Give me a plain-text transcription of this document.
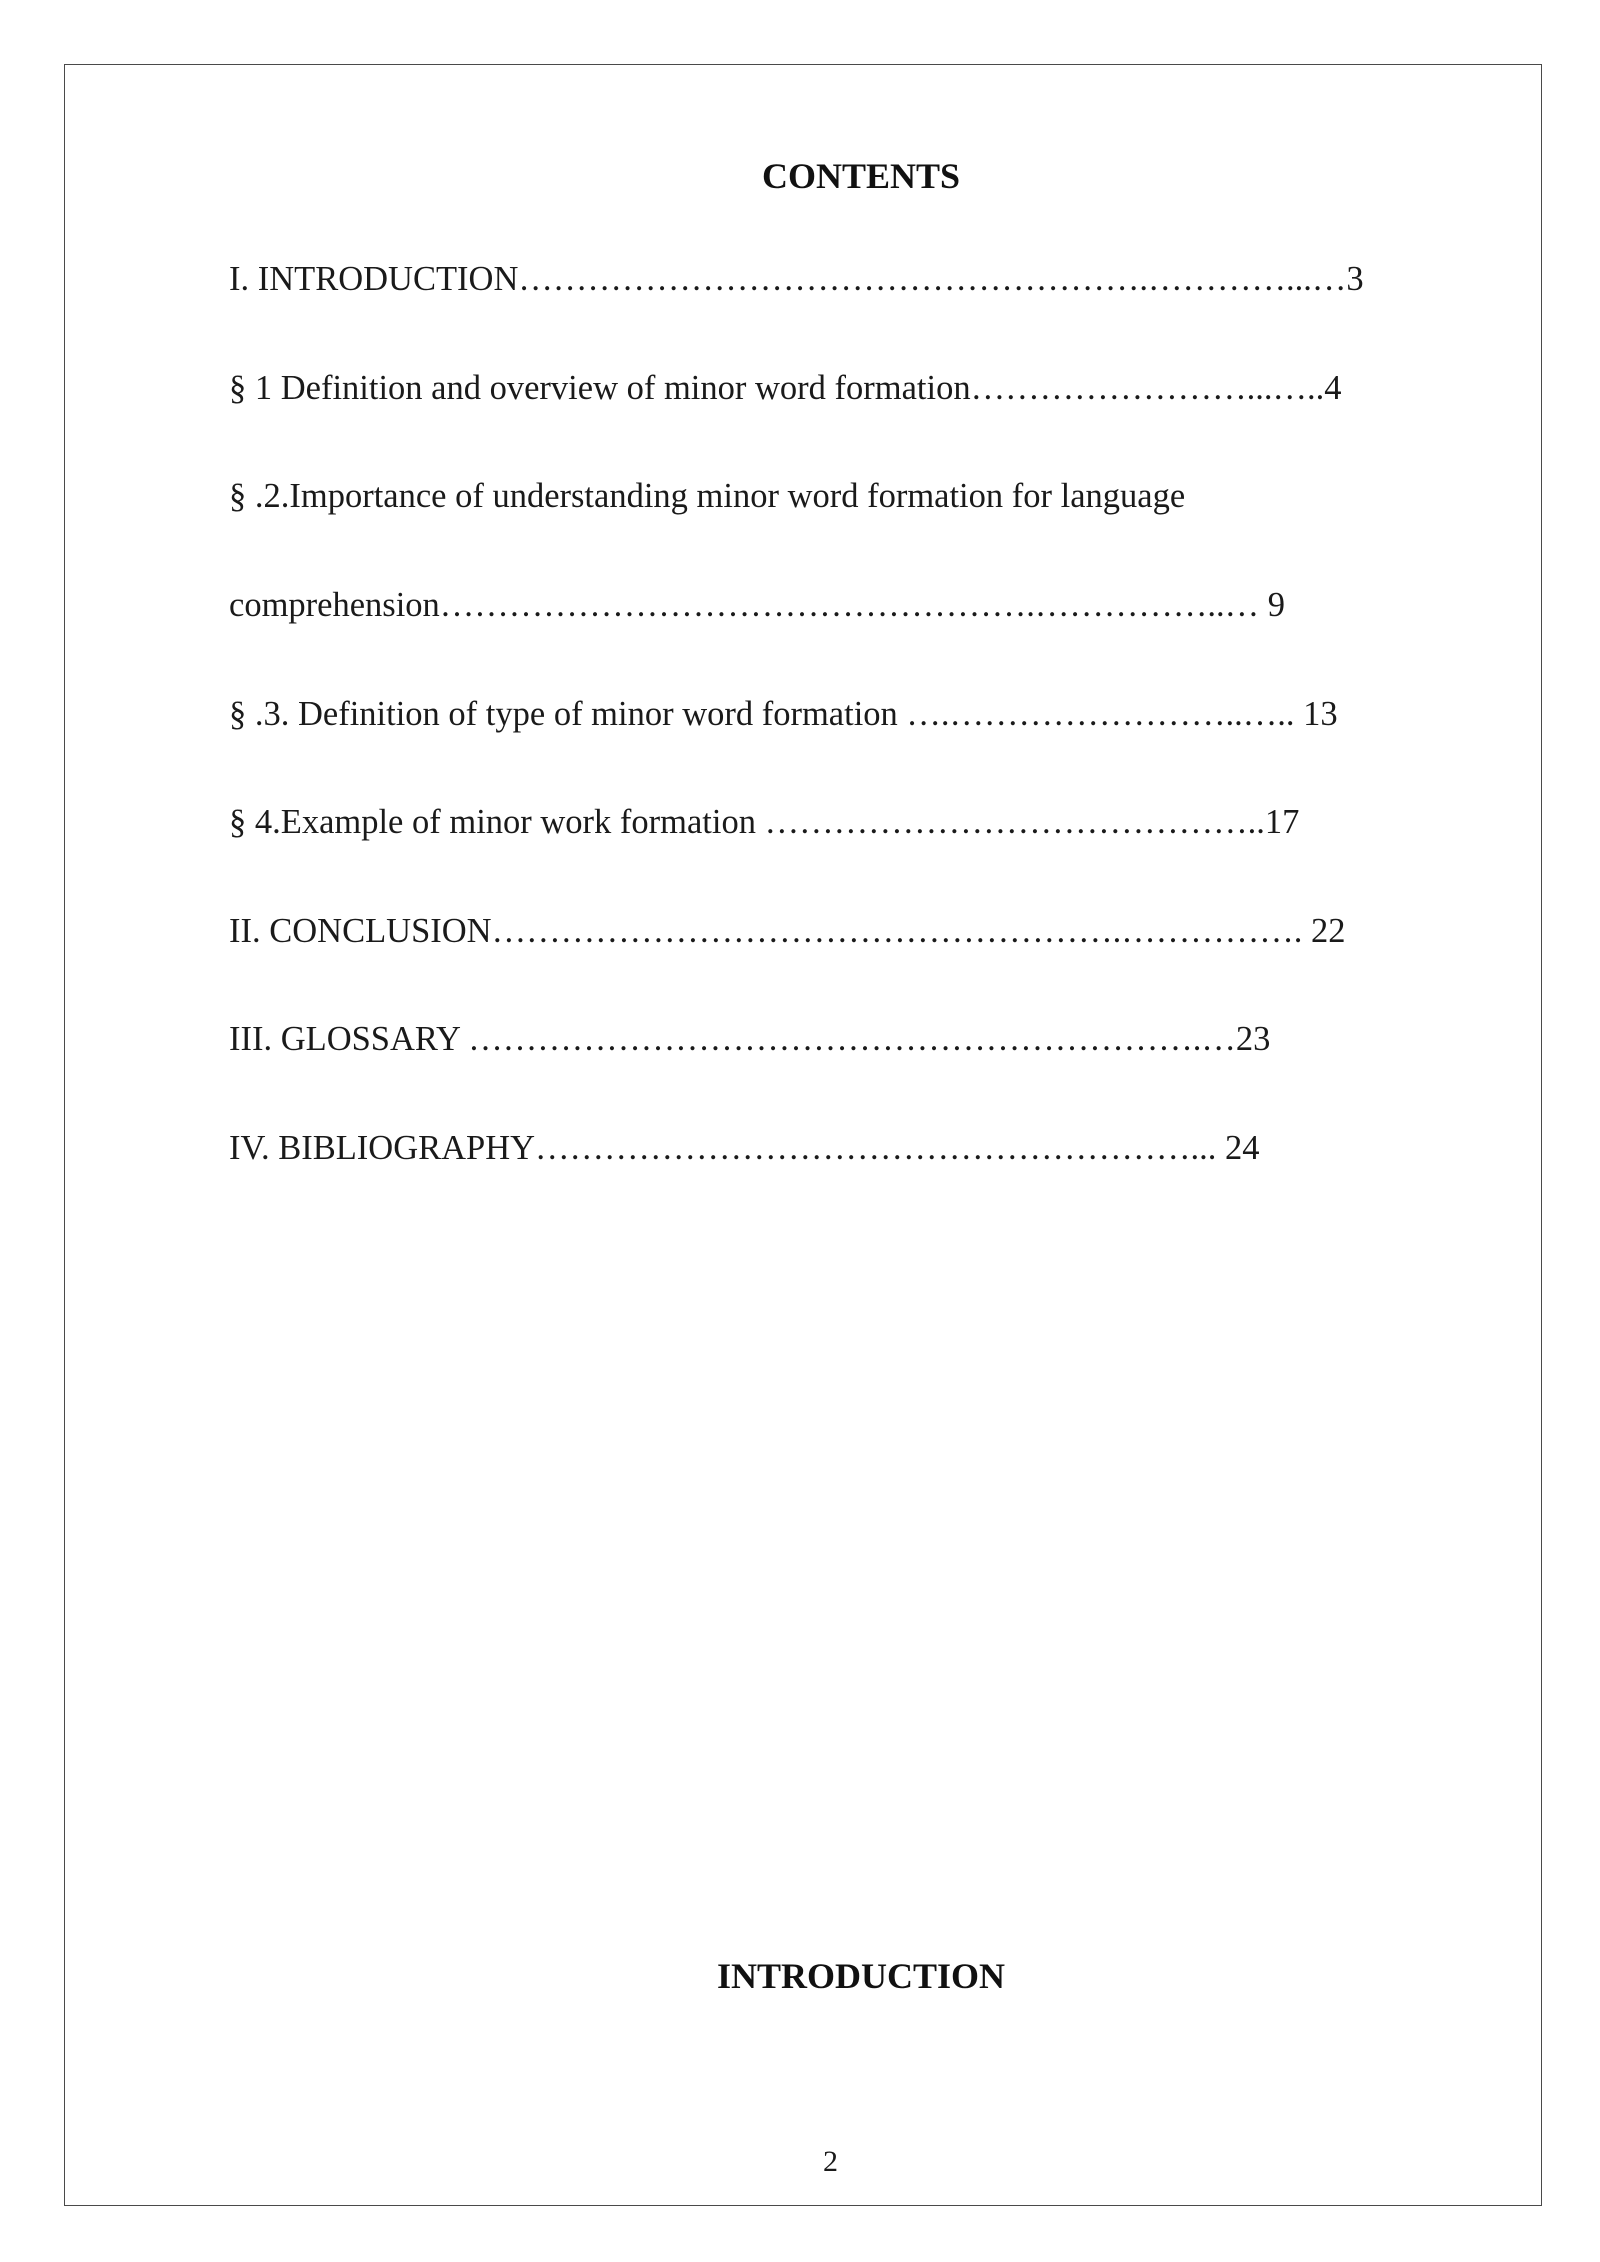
CONTENTS
I. INTRODUCTION……………………………………………….…………...…3
§ 1 Definition and overview of minor word formation……………………...…..4
§ .2.Importance of understanding minor word formation for language
comprehension…………………………………………….……………..… 9
§ .3. Definition of type of minor word formation ….……………………..….. 13
§ 4.Example of minor work formation ……………………………………..17
II. CONCLUSION……………………………………………….……………. 22
III. GLOSSARY ……………………………………………………….…23
IV. BIBLIOGRAPHY…………………………………………………... 24
INTRODUCTION
2
